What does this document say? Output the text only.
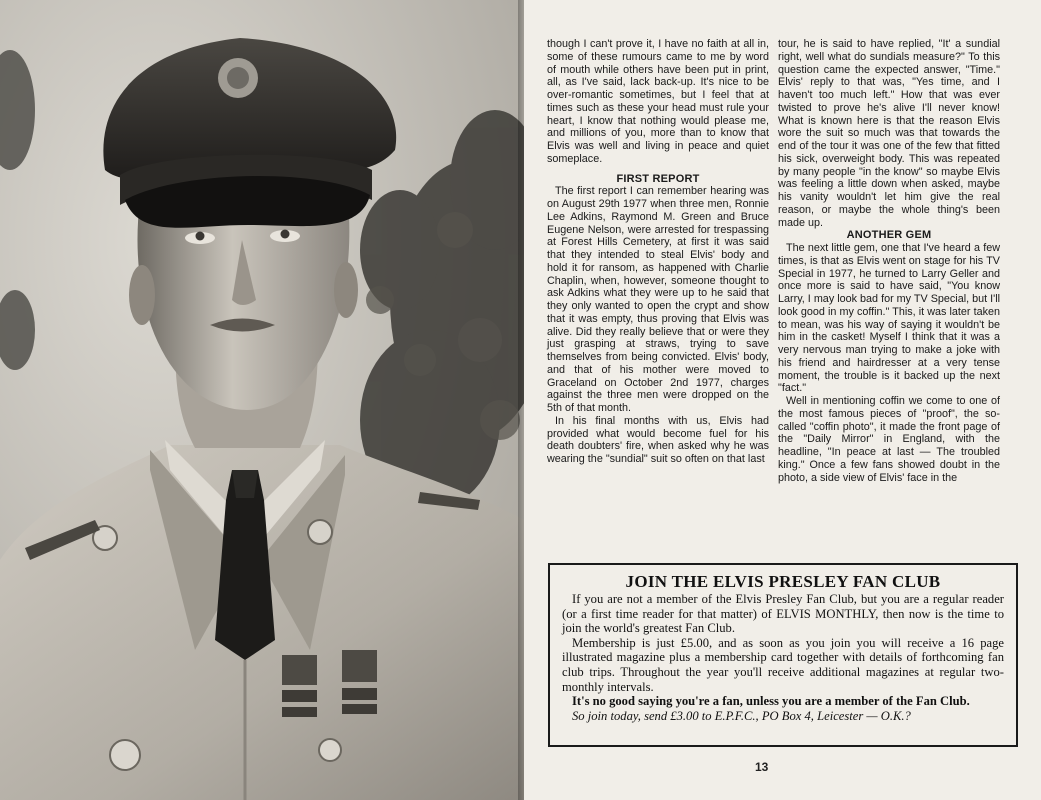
though I can't prove it, I have no faith at all in, some of these rumours came to me by word of mouth while others have been put in print, all, as I've said, lack back-up. It's nice to be over-romantic sometimes, but I feel that at times such as these your head must rule your heart, I know that nothing would please me, and millions of you, more than to know that Elvis was well and living in peace and quiet someplace.

FIRST REPORT

The first report I can remember hearing was on August 29th 1977 when three men, Ronnie Lee Adkins, Raymond M. Green and Bruce Eugene Nelson, were arrested for trespassing at Forest Hills Cemetery, at first it was said that they intended to steal Elvis' body and hold it for ransom, as happened with Charlie Chaplin, when, however, someone thought to ask Adkins what they were up to he said that they only wanted to open the crypt and show that it was empty, thus proving that Elvis was alive. Did they really believe that or were they just grasping at straws, trying to save themselves from being convicted. Elvis' body, and that of his mother were moved to Graceland on October 2nd 1977, charges against the three men were dropped on the 5th of that month.

In his final months with us, Elvis had provided what would become fuel for his death doubters' fire, when asked why he was wearing the "sundial" suit so often on that last

tour, he is said to have replied, "It' a sundial right, well what do sundials measure?" To this question came the expected answer, "Time." Elvis' reply to that was, "Yes time, and I haven't too much left." How that was ever twisted to prove he's alive I'll never know! What is known here is that the reason Elvis wore the suit so much was that towards the end of the tour it was one of the few that fitted his sick, overweight body. This was repeated by many people "in the know" so maybe Elvis was feeling a little down when asked, maybe his vanity wouldn't let him give the real reason, or maybe the whole thing's been made up.

ANOTHER GEM

The next little gem, one that I've heard a few times, is that as Elvis went on stage for his TV Special in 1977, he turned to Larry Geller and once more is said to have said, "You know Larry, I may look bad for my TV Special, but I'll look good in my coffin." This, it was later taken to mean, was his way of saying it wouldn't be him in the casket! Myself I think that it was a very nervous man trying to make a joke with his friend and hairdresser at a very tense moment, the trouble is it backed up the next "fact."

Well in mentioning coffin we come to one of the most famous pieces of "proof", the so-called "coffin photo", it made the front page of the "Daily Mirror" in England, with the headline, "In peace at last — The troubled king." Once a few fans showed doubt in the photo, a side view of Elvis' face in the

JOIN THE ELVIS PRESLEY FAN CLUB

If you are not a member of the Elvis Presley Fan Club, but you are a regular reader (or a first time reader for that matter) of ELVIS MONTHLY, then now is the time to join the world's greatest Fan Club.

Membership is just £5.00, and as soon as you join you will receive a 16 page illustrated magazine plus a membership card together with details of forthcoming fan club trips. Throughout the year you'll receive additional magazines at regular two-monthly intervals.

It's no good saying you're a fan, unless you are a member of the Fan Club.

So join today, send £3.00 to E.P.F.C., PO Box 4, Leicester — O.K.?

13
